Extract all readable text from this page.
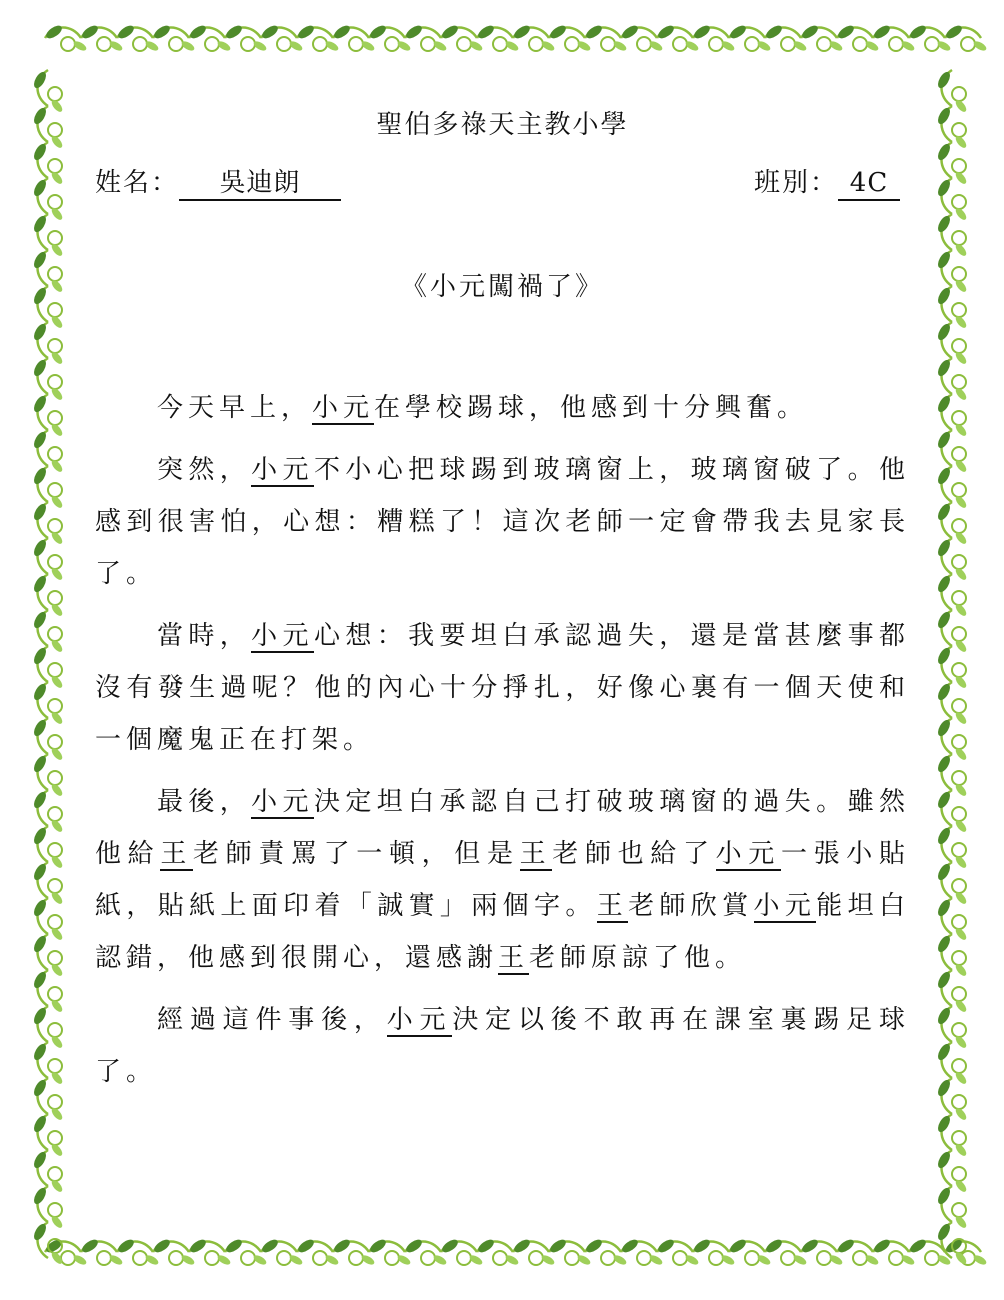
聖伯多祿天主教小學
姓名： 吳迪朗	班別： 4C
《小元闖禍了》

今天早上，小元在學校踢球，他感到十分興奮。

突然，小元不小心把球踢到玻璃窗上，玻璃窗破了。他感到很害怕，心想：糟糕了！這次老師一定會帶我去見家長了。

當時，小元心想：我要坦白承認過失，還是當甚麼事都沒有發生過呢？他的內心十分掙扎，好像心裏有一個天使和一個魔鬼正在打架。

最後，小元決定坦白承認自己打破玻璃窗的過失。雖然他給王老師責罵了一頓，但是王老師也給了小元一張小貼紙，貼紙上面印着「誠實」兩個字。王老師欣賞小元能坦白認錯，他感到很開心，還感謝王老師原諒了他。

經過這件事後，小元決定以後不敢再在課室裏踢足球了。
